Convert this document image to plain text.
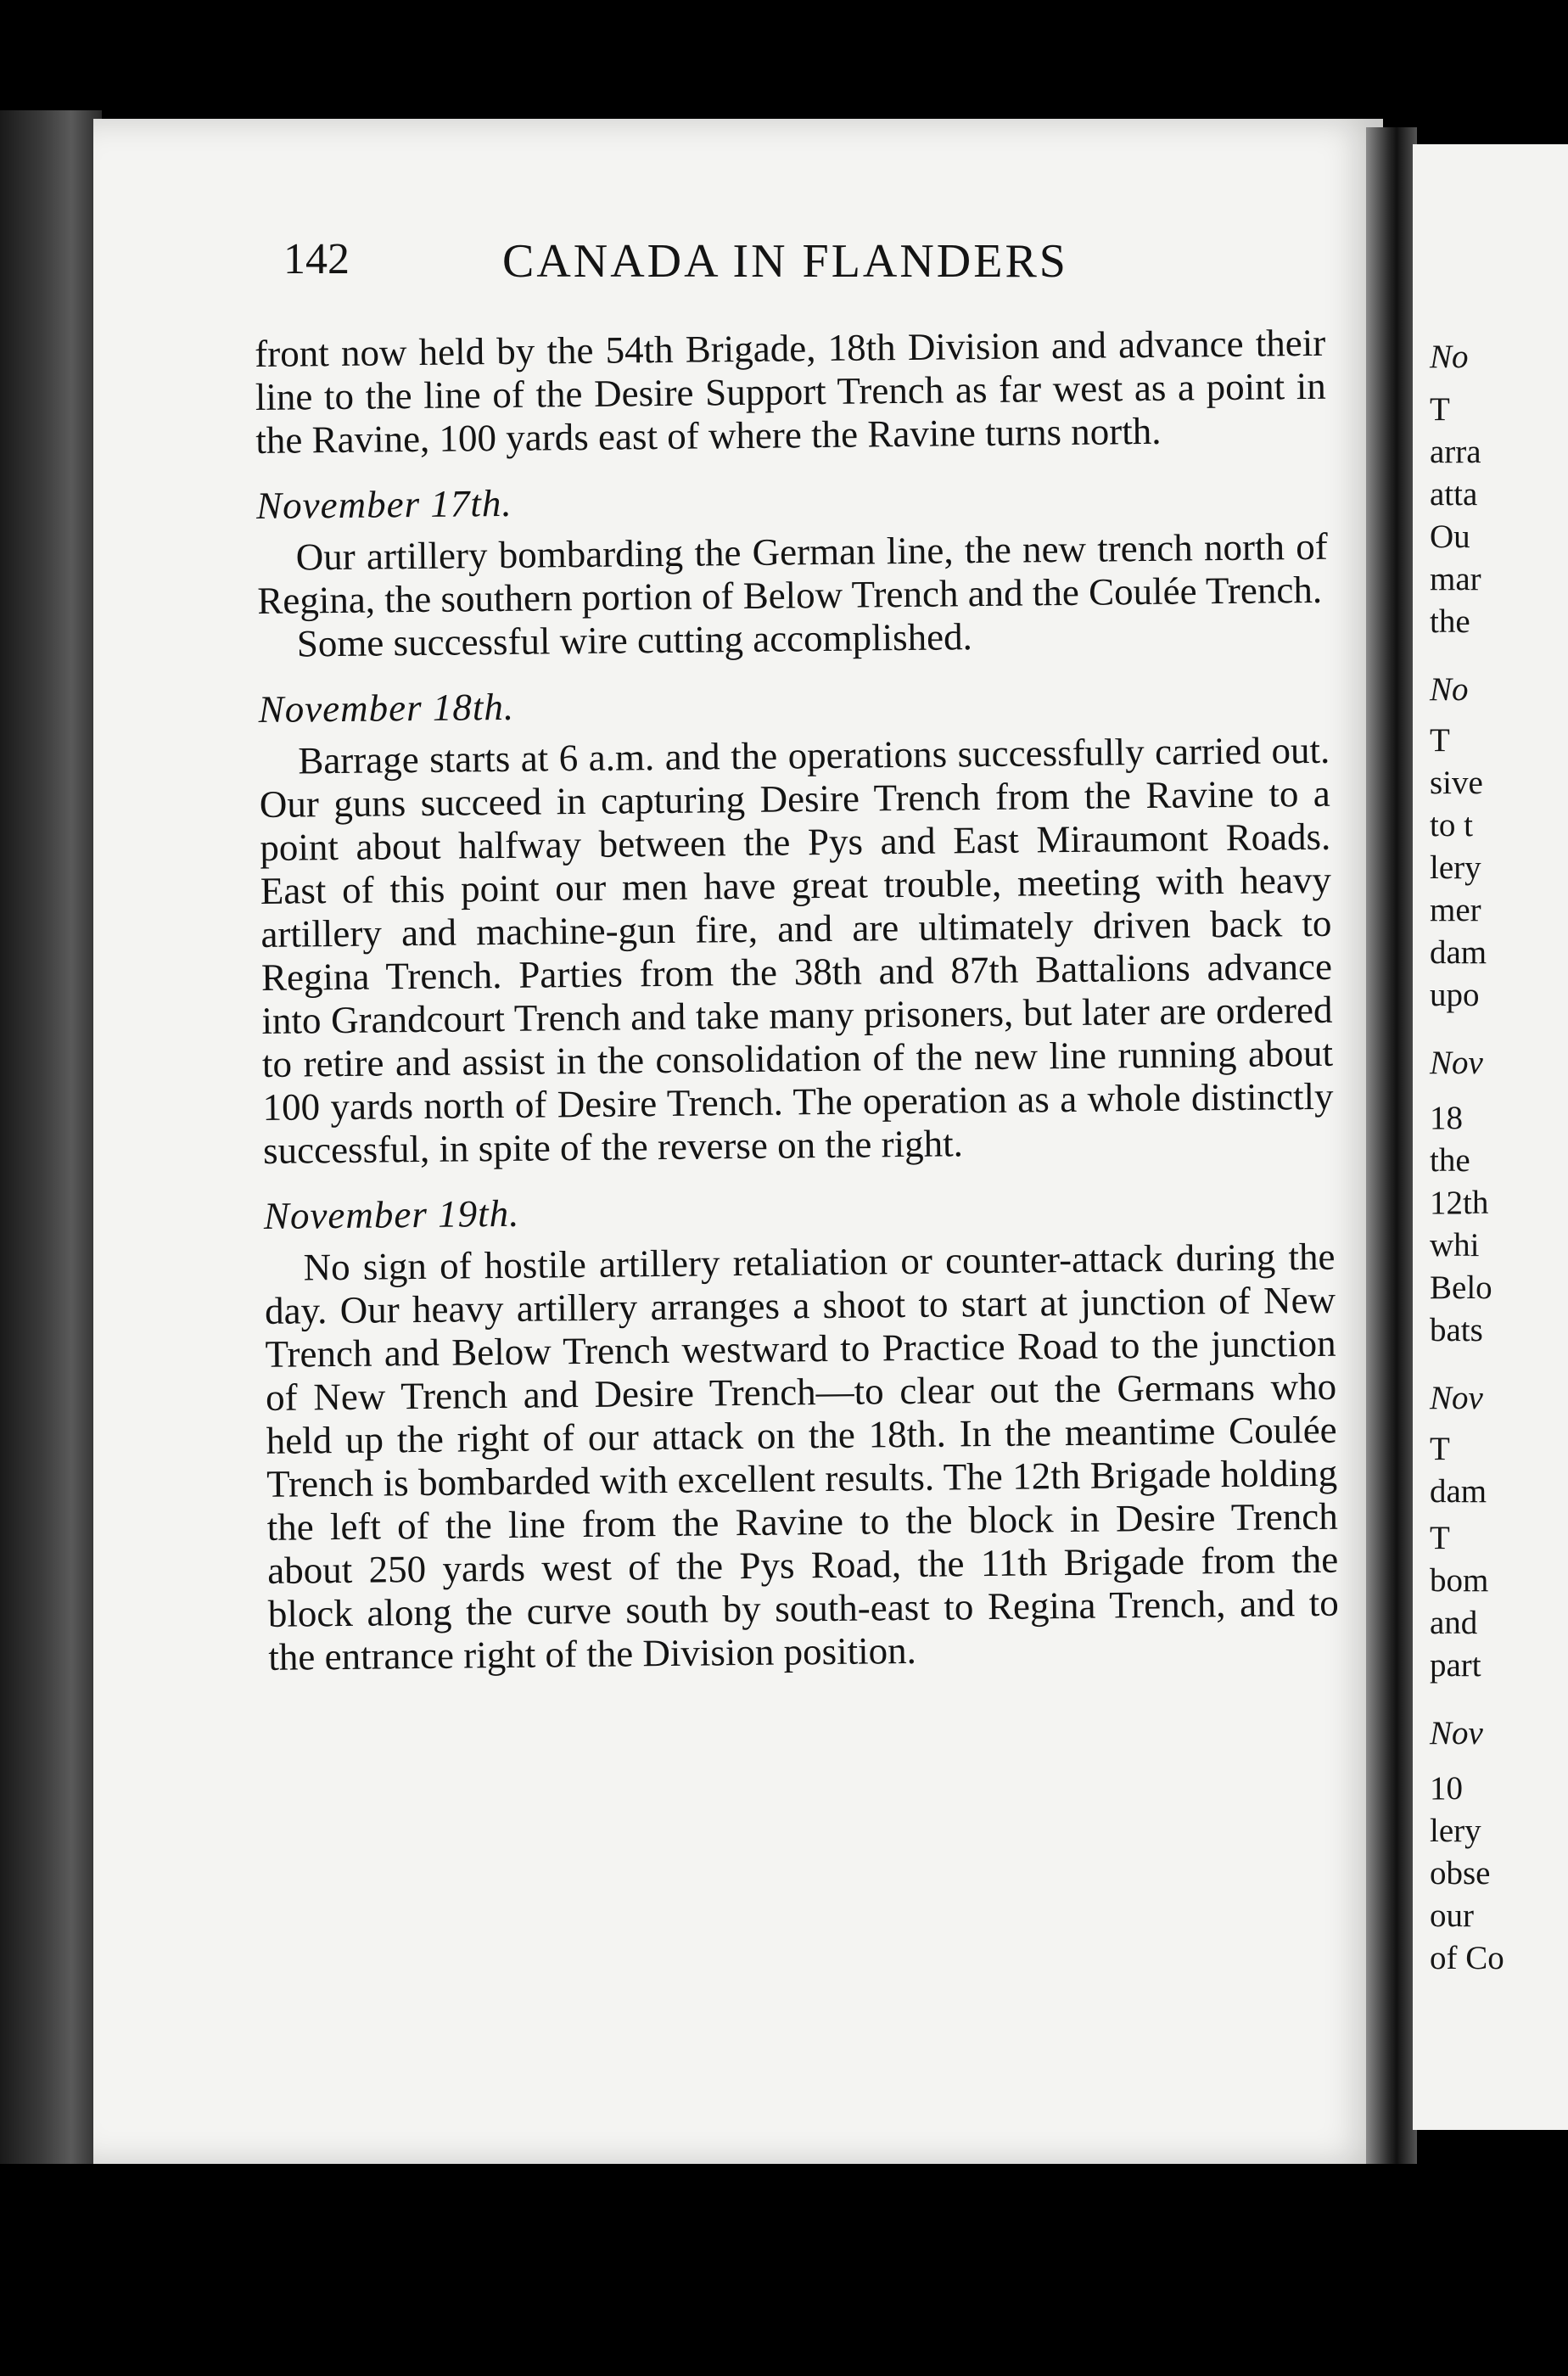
142	CANADA IN FLANDERS

front now held by the 54th Brigade, 18th Division and advance their line to the line of the Desire Support Trench as far west as a point in the Ravine, 100 yards east of where the Ravine turns north.

November 17th.

Our artillery bombarding the German line, the new trench north of Regina, the southern portion of Below Trench and the Coulée Trench.

Some successful wire cutting accomplished.

November 18th.

Barrage starts at 6 a.m. and the operations successfully carried out. Our guns succeed in capturing Desire Trench from the Ravine to a point about halfway between the Pys and East Miraumont Roads. East of this point our men have great trouble, meeting with heavy artillery and machine-gun fire, and are ultimately driven back to Regina Trench. Parties from the 38th and 87th Battalions advance into Grandcourt Trench and take many prisoners, but later are ordered to retire and assist in the consolidation of the new line running about 100 yards north of Desire Trench. The operation as a whole distinctly successful, in spite of the reverse on the right.

November 19th.

No sign of hostile artillery retaliation or counter-attack during the day. Our heavy artillery arranges a shoot to start at junction of New Trench and Below Trench westward to Practice Road to the junction of New Trench and Desire Trench—to clear out the Germans who held up the right of our attack on the 18th. In the meantime Coulée Trench is bombarded with excellent results. The 12th Brigade holding the left of the line from the Ravine to the block in Desire Trench about 250 yards west of the Pys Road, the 11th Brigade from the block along the curve south by south-east to Regina Trench, and to the entrance right of the Division position.

No
T
arra
atta
Ou
mar
the
No
T
sive
to t
lery
mer
dam
upo
Nov
18
the
12th
whi
Belo
bats
Nov
T
dam
T
bom
and
part
Nov
10
lery
obse
our
of Co
